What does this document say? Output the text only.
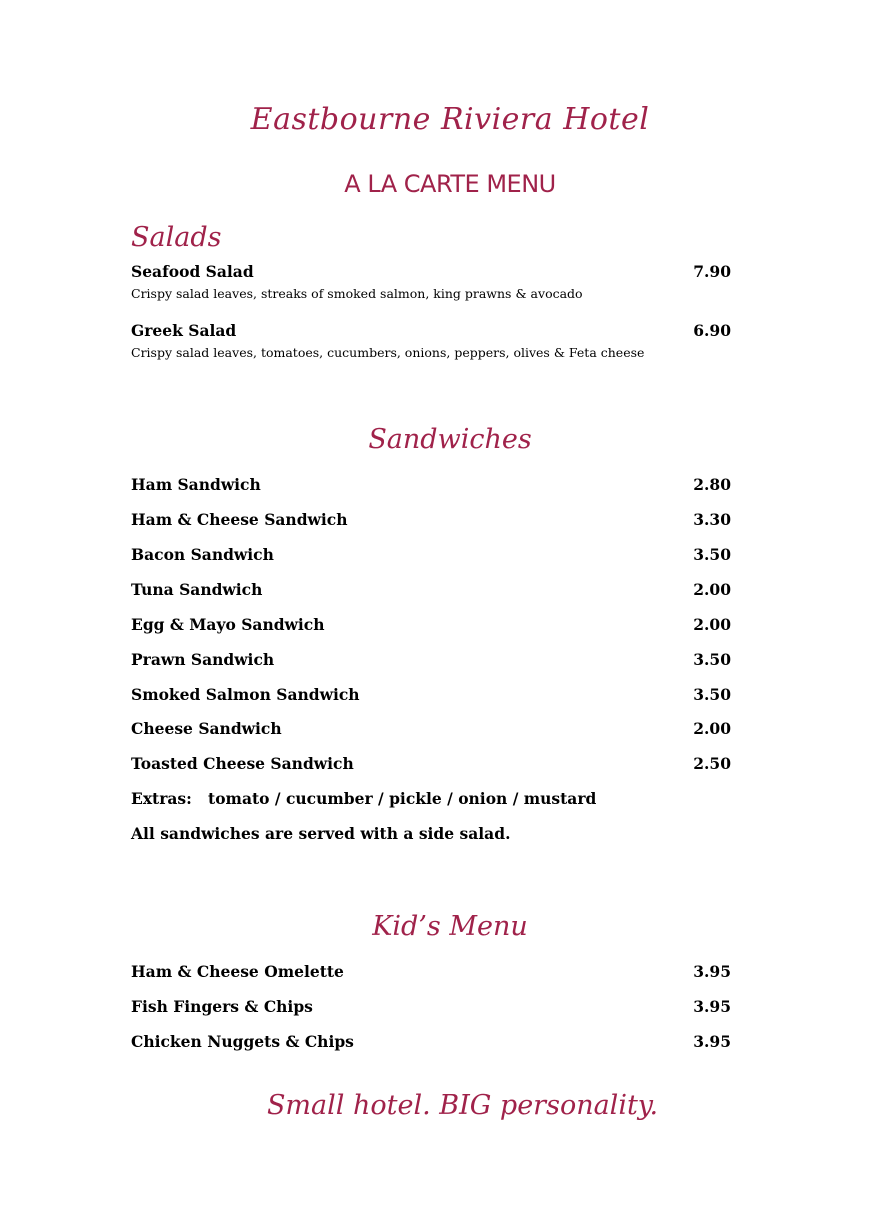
Eastbourne Riviera Hotel
A LA CARTE MENU
Salads
Seafood Salad	7.90
Crispy salad leaves, streaks of smoked salmon, king prawns & avocado
Greek Salad	6.90
Crispy salad leaves, tomatoes, cucumbers, onions, peppers, olives & Feta cheese
Sandwiches
Ham Sandwich	2.80
Ham & Cheese Sandwich	3.30
Bacon Sandwich	3.50
Tuna Sandwich	2.00
Egg & Mayo Sandwich	2.00
Prawn Sandwich	3.50
Smoked Salmon Sandwich	3.50
Cheese Sandwich	2.00
Toasted Cheese Sandwich	2.50
Extras:   tomato / cucumber / pickle / onion / mustard
All sandwiches are served with a side salad.
Kid’s Menu
Ham & Cheese Omelette	3.95
Fish Fingers & Chips	3.95
Chicken Nuggets & Chips	3.95
Small hotel. BIG personality.
